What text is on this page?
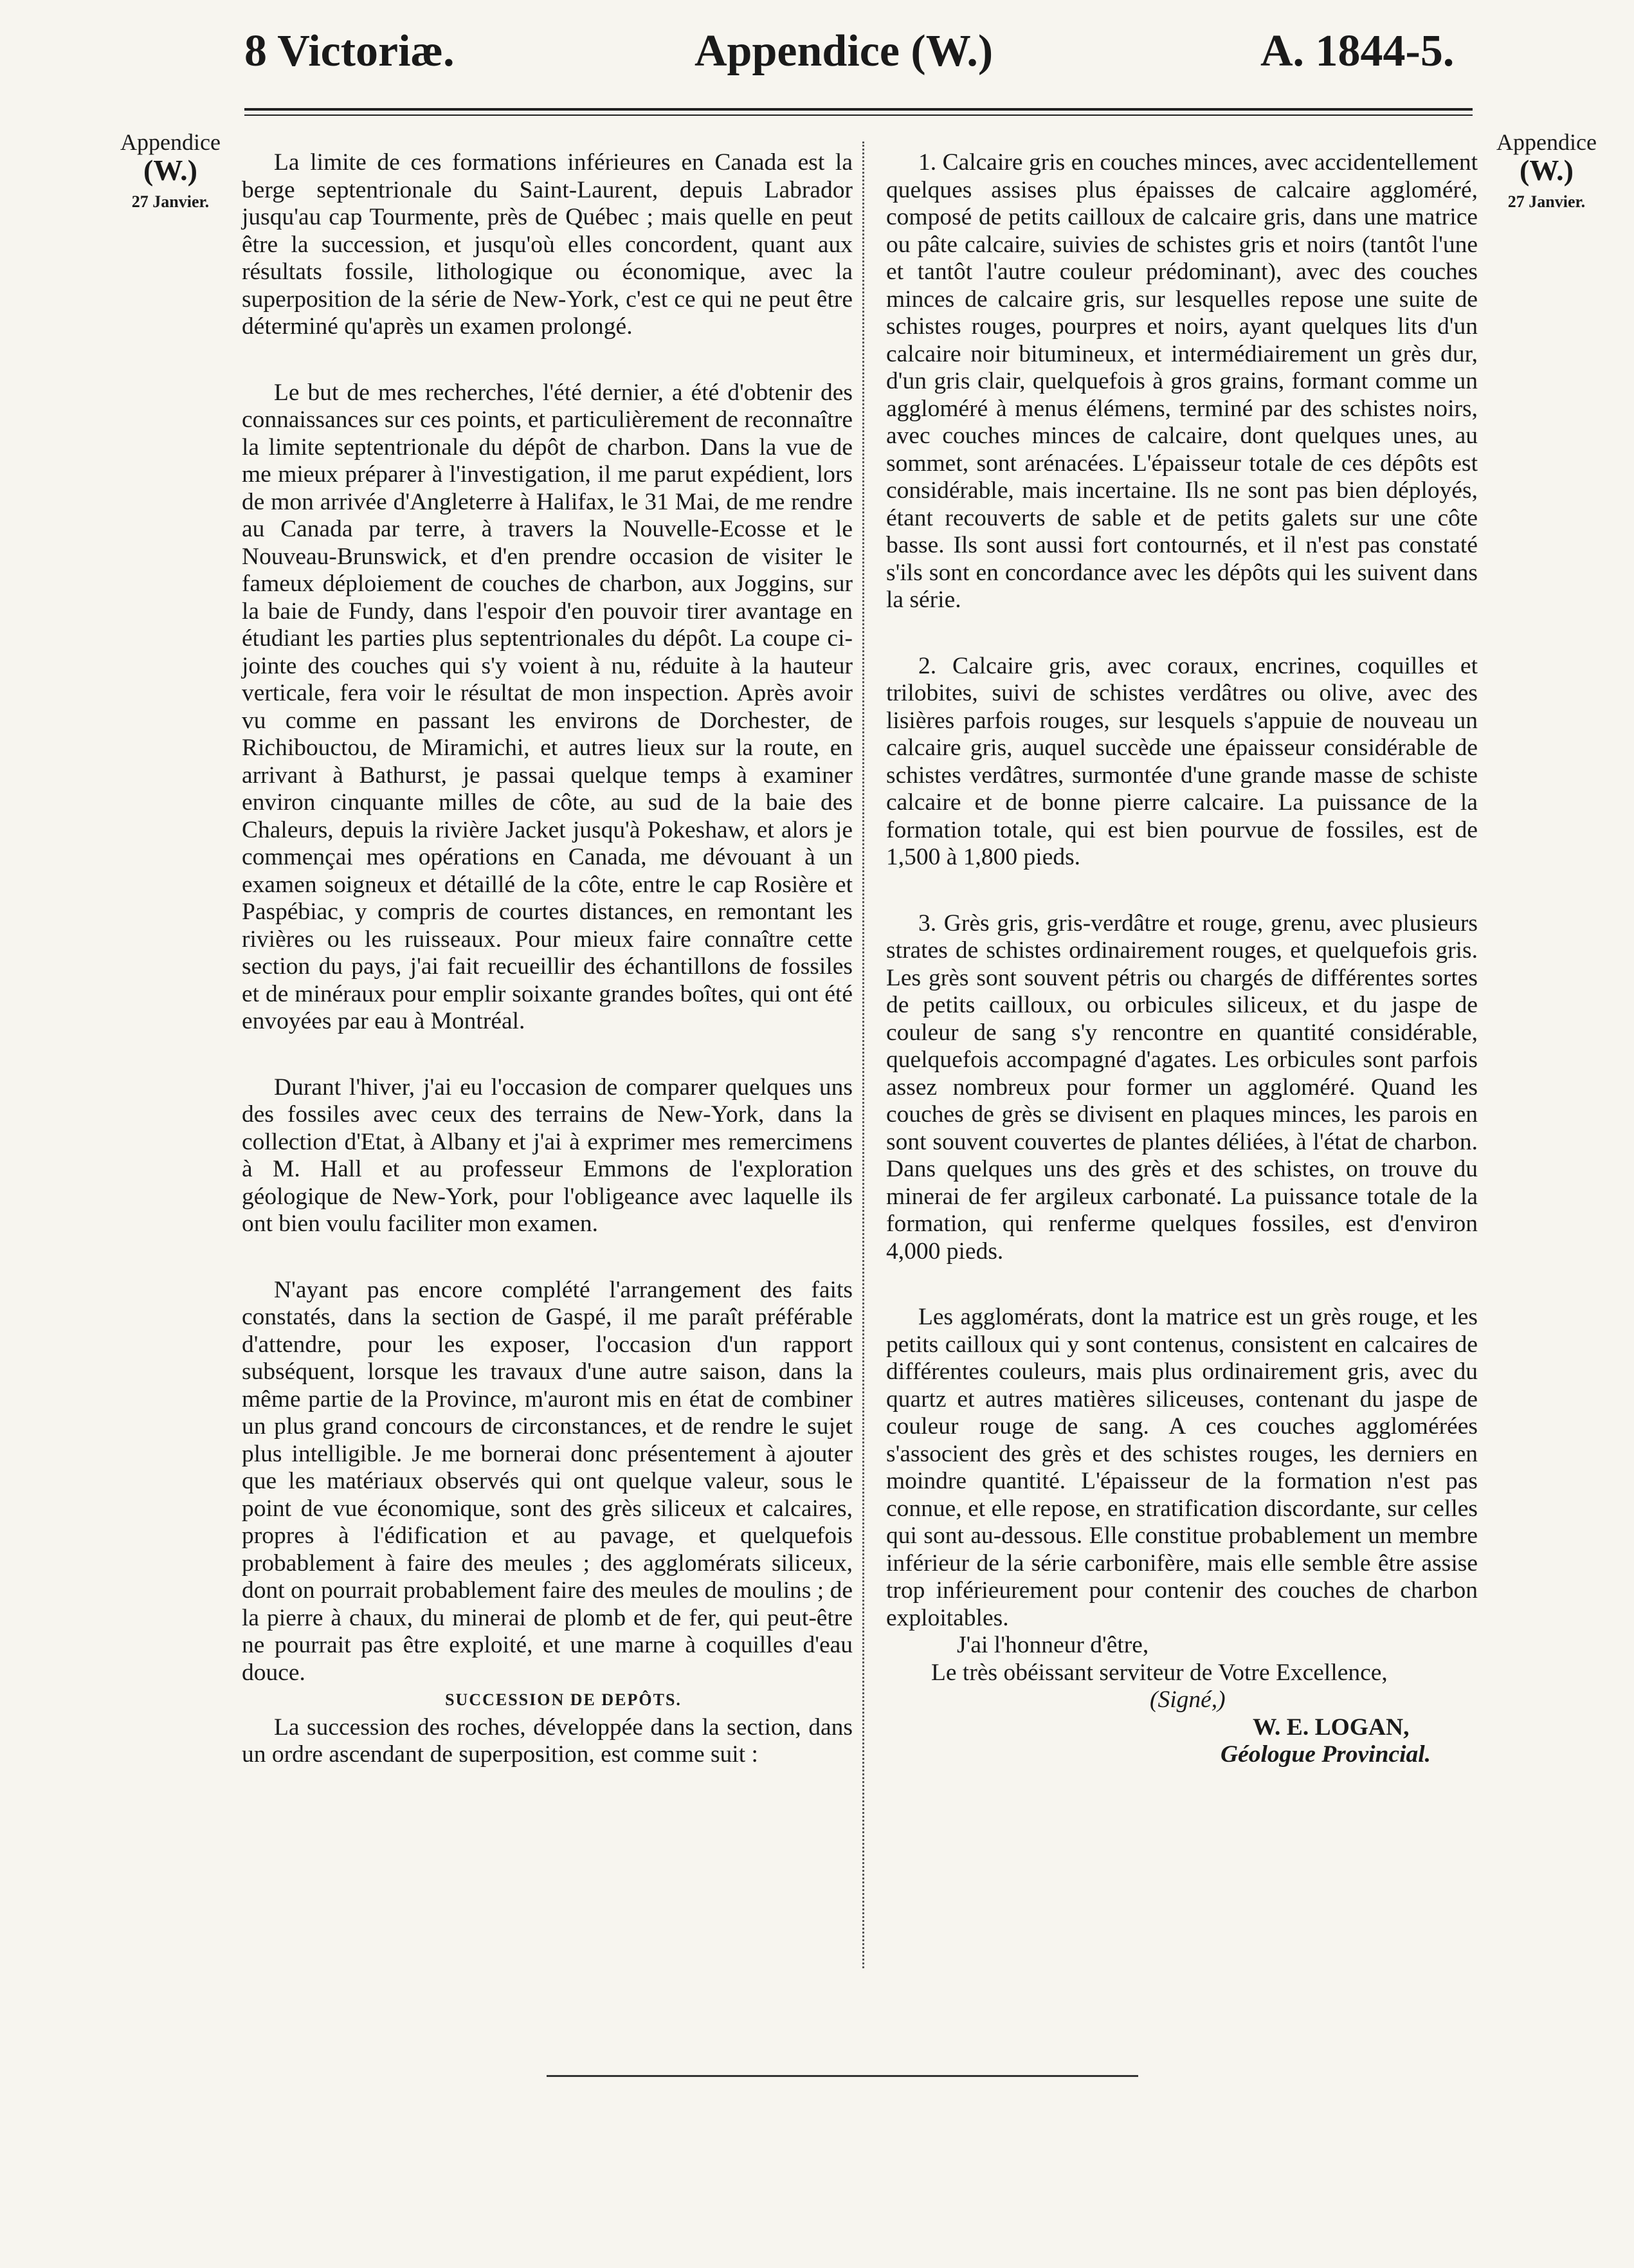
8 Victoriæ.	Appendice (W.)	A. 1844-5.
Appendice
(W.)
27 Janvier.
Appendice
(W.)
27 Janvier.

La limite de ces formations inférieures en Canada est la berge septentrionale du Saint-Laurent, depuis Labrador jusqu'au cap Tourmente, près de Québec ; mais quelle en peut être la succession, et jusqu'où elles concordent, quant aux résultats fossile, lithologique ou économique, avec la superposition de la série de New-York, c'est ce qui ne peut être déterminé qu'après un examen prolongé.

Le but de mes recherches, l'été dernier, a été d'obtenir des connaissances sur ces points, et particulièrement de reconnaître la limite septentrionale du dépôt de charbon. Dans la vue de me mieux préparer à l'investigation, il me parut expédient, lors de mon arrivée d'Angleterre à Halifax, le 31 Mai, de me rendre au Canada par terre, à travers la Nouvelle-Ecosse et le Nouveau-Brunswick, et d'en prendre occasion de visiter le fameux déploiement de couches de charbon, aux Joggins, sur la baie de Fundy, dans l'espoir d'en pouvoir tirer avantage en étudiant les parties plus septentrionales du dépôt. La coupe ci-jointe des couches qui s'y voient à nu, réduite à la hauteur verticale, fera voir le résultat de mon inspection. Après avoir vu comme en passant les environs de Dorchester, de Richibouctou, de Miramichi, et autres lieux sur la route, en arrivant à Bathurst, je passai quelque temps à examiner environ cinquante milles de côte, au sud de la baie des Chaleurs, depuis la rivière Jacket jusqu'à Pokeshaw, et alors je commençai mes opérations en Canada, me dévouant à un examen soigneux et détaillé de la côte, entre le cap Rosière et Paspébiac, y compris de courtes distances, en remontant les rivières ou les ruisseaux. Pour mieux faire connaître cette section du pays, j'ai fait recueillir des échantillons de fossiles et de minéraux pour emplir soixante grandes boîtes, qui ont été envoyées par eau à Montréal.

Durant l'hiver, j'ai eu l'occasion de comparer quelques uns des fossiles avec ceux des terrains de New-York, dans la collection d'Etat, à Albany et j'ai à exprimer mes remercimens à M. Hall et au professeur Emmons de l'exploration géologique de New-York, pour l'obligeance avec laquelle ils ont bien voulu faciliter mon examen.

N'ayant pas encore complété l'arrangement des faits constatés, dans la section de Gaspé, il me paraît préférable d'attendre, pour les exposer, l'occasion d'un rapport subséquent, lorsque les travaux d'une autre saison, dans la même partie de la Province, m'auront mis en état de combiner un plus grand concours de circonstances, et de rendre le sujet plus intelligible. Je me bornerai donc présentement à ajouter que les matériaux observés qui ont quelque valeur, sous le point de vue économique, sont des grès siliceux et calcaires, propres à l'édification et au pavage, et quelquefois probablement à faire des meules ; des agglomérats siliceux, dont on pourrait probablement faire des meules de moulins ; de la pierre à chaux, du minerai de plomb et de fer, qui peut-être ne pourrait pas être exploité, et une marne à coquilles d'eau douce.

SUCCESSION DE DEPÔTS.

La succession des roches, développée dans la section, dans un ordre ascendant de superposition, est comme suit :

1. Calcaire gris en couches minces, avec accidentellement quelques assises plus épaisses de calcaire aggloméré, composé de petits cailloux de calcaire gris, dans une matrice ou pâte calcaire, suivies de schistes gris et noirs (tantôt l'une et tantôt l'autre couleur prédominant), avec des couches minces de calcaire gris, sur lesquelles repose une suite de schistes rouges, pourpres et noirs, ayant quelques lits d'un calcaire noir bitumineux, et intermédiairement un grès dur, d'un gris clair, quelquefois à gros grains, formant comme un aggloméré à menus élémens, terminé par des schistes noirs, avec couches minces de calcaire, dont quelques unes, au sommet, sont arénacées. L'épaisseur totale de ces dépôts est considérable, mais incertaine. Ils ne sont pas bien déployés, étant recouverts de sable et de petits galets sur une côte basse. Ils sont aussi fort contournés, et il n'est pas constaté s'ils sont en concordance avec les dépôts qui les suivent dans la série.

2. Calcaire gris, avec coraux, encrines, coquilles et trilobites, suivi de schistes verdâtres ou olive, avec des lisières parfois rouges, sur lesquels s'appuie de nouveau un calcaire gris, auquel succède une épaisseur considérable de schistes verdâtres, surmontée d'une grande masse de schiste calcaire et de bonne pierre calcaire. La puissance de la formation totale, qui est bien pourvue de fossiles, est de 1,500 à 1,800 pieds.

3. Grès gris, gris-verdâtre et rouge, grenu, avec plusieurs strates de schistes ordinairement rouges, et quelquefois gris. Les grès sont souvent pétris ou chargés de différentes sortes de petits cailloux, ou orbicules siliceux, et du jaspe de couleur de sang s'y rencontre en quantité considérable, quelquefois accompagné d'agates. Les orbicules sont parfois assez nombreux pour former un aggloméré. Quand les couches de grès se divisent en plaques minces, les parois en sont souvent couvertes de plantes déliées, à l'état de charbon. Dans quelques uns des grès et des schistes, on trouve du minerai de fer argileux carbonaté. La puissance totale de la formation, qui renferme quelques fossiles, est d'environ 4,000 pieds.

Les agglomérats, dont la matrice est un grès rouge, et les petits cailloux qui y sont contenus, consistent en calcaires de différentes couleurs, mais plus ordinairement gris, avec du quartz et autres matières siliceuses, contenant du jaspe de couleur rouge de sang. A ces couches agglomérées s'associent des grès et des schistes rouges, les derniers en moindre quantité. L'épaisseur de la formation n'est pas connue, et elle repose, en stratification discordante, sur celles qui sont au-dessous. Elle constitue probablement un membre inférieur de la série carbonifère, mais elle semble être assise trop inférieurement pour contenir des couches de charbon exploitables.

J'ai l'honneur d'être,

Le très obéissant serviteur de Votre Excellence,

(Signé,)

W. E. LOGAN,

Géologue Provincial.
